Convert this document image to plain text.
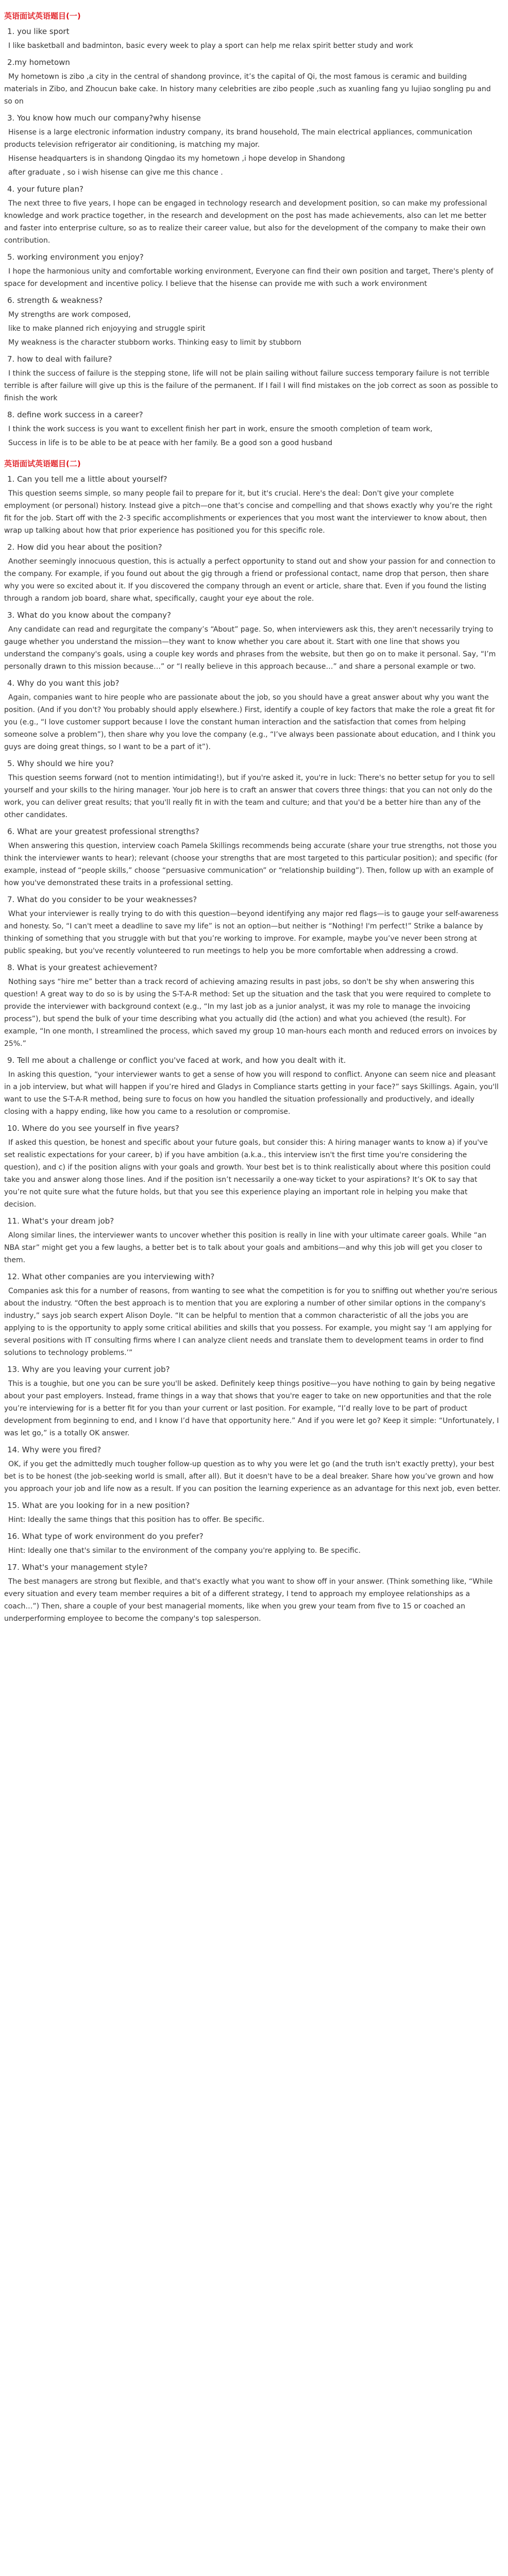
英语面试英语题目(一)
1. you like sport
I like basketball and badminton, basic every week to play a sport can help me relax spirit better study and work
2.my hometown
My hometown is zibo ,a city in the central of shandong province, it’s the capital of Qi, the most famous is ceramic and building materials in Zibo, and Zhoucun bake cake. In history many celebrities are zibo people ,such as xuanling fang yu lujiao songling pu and so on
3. You know how much our company?why hisense
Hisense is a large electronic information industry company, its brand household, The main electrical appliances, communication products television refrigerator air conditioning, is matching my major.
Hisense headquarters is in shandong Qingdao its my hometown ,i hope develop in Shandong
after graduate , so i wish hisense can give me this chance .
4. your future plan?
The next three to five years, I hope can be engaged in technology research and development position, so can make my professional knowledge and work practice together, in the research and development on the post has made achievements, also can let me better and faster into enterprise culture, so as to realize their career value, but also for the development of the company to make their own contribution.
5. working environment you enjoy?
I hope the harmonious unity and comfortable working environment, Everyone can find their own position and target, There's plenty of space for development and incentive policy. I believe that the hisense can provide me with such a work environment
6. strength & weakness?
My strengths are work composed,
like to make planned rich enjoyying and struggle spirit
My weakness is the character stubborn works. Thinking easy to limit by stubborn
7. how to deal with failure?
I think the success of failure is the stepping stone, life will not be plain sailing without failure success temporary failure is not terrible terrible is after failure will give up this is the failure of the permanent. If I fail I will find mistakes on the job correct as soon as possible to finish the work
8. define work success in a career?
I think the work success is you want to excellent finish her part in work, ensure the smooth completion of team work,
Success in life is to be able to be at peace with her family. Be a good son a good husband
英语面试英语题目(二)
1. Can you tell me a little about yourself?
This question seems simple, so many people fail to prepare for it, but it's crucial. Here's the deal: Don't give your complete employment (or personal) history. Instead give a pitch—one that’s concise and compelling and that shows exactly why you’re the right fit for the job. Start off with the 2-3 specific accomplishments or experiences that you most want the interviewer to know about, then wrap up talking about how that prior experience has positioned you for this specific role.
2. How did you hear about the position?
Another seemingly innocuous question, this is actually a perfect opportunity to stand out and show your passion for and connection to the company. For example, if you found out about the gig through a friend or professional contact, name drop that person, then share why you were so excited about it. If you discovered the company through an event or article, share that. Even if you found the listing through a random job board, share what, specifically, caught your eye about the role.
3. What do you know about the company?
Any candidate can read and regurgitate the company’s “About” page. So, when interviewers ask this, they aren't necessarily trying to gauge whether you understand the mission—they want to know whether you care about it. Start with one line that shows you understand the company's goals, using a couple key words and phrases from the website, but then go on to make it personal. Say, “I’m personally drawn to this mission because…” or “I really believe in this approach because…” and share a personal example or two.
4. Why do you want this job?
Again, companies want to hire people who are passionate about the job, so you should have a great answer about why you want the position. (And if you don't? You probably should apply elsewhere.) First, identify a couple of key factors that make the role a great fit for you (e.g., “I love customer support because I love the constant human interaction and the satisfaction that comes from helping someone solve a problem”), then share why you love the company (e.g., “I’ve always been passionate about education, and I think you guys are doing great things, so I want to be a part of it”).
5. Why should we hire you?
This question seems forward (not to mention intimidating!), but if you're asked it, you're in luck: There's no better setup for you to sell yourself and your skills to the hiring manager. Your job here is to craft an answer that covers three things: that you can not only do the work, you can deliver great results; that you'll really fit in with the team and culture; and that you'd be a better hire than any of the other candidates.
6. What are your greatest professional strengths?
When answering this question, interview coach Pamela Skillings recommends being accurate (share your true strengths, not those you think the interviewer wants to hear); relevant (choose your strengths that are most targeted to this particular position); and specific (for example, instead of “people skills,” choose “persuasive communication” or “relationship building”). Then, follow up with an example of how you've demonstrated these traits in a professional setting.
7. What do you consider to be your weaknesses?
What your interviewer is really trying to do with this question—beyond identifying any major red flags—is to gauge your self-awareness and honesty. So, “I can't meet a deadline to save my life” is not an option—but neither is “Nothing! I'm perfect!” Strike a balance by thinking of something that you struggle with but that you’re working to improve. For example, maybe you’ve never been strong at public speaking, but you've recently volunteered to run meetings to help you be more comfortable when addressing a crowd.
8. What is your greatest achievement?
Nothing says “hire me” better than a track record of achieving amazing results in past jobs, so don't be shy when answering this question! A great way to do so is by using the S-T-A-R method: Set up the situation and the task that you were required to complete to provide the interviewer with background context (e.g., “In my last job as a junior analyst, it was my role to manage the invoicing process”), but spend the bulk of your time describing what you actually did (the action) and what you achieved (the result). For example, “In one month, I streamlined the process, which saved my group 10 man-hours each month and reduced errors on invoices by 25%.”
9. Tell me about a challenge or conflict you've faced at work, and how you dealt with it.
In asking this question, “your interviewer wants to get a sense of how you will respond to conflict. Anyone can seem nice and pleasant in a job interview, but what will happen if you’re hired and Gladys in Compliance starts getting in your face?” says Skillings. Again, you'll want to use the S-T-A-R method, being sure to focus on how you handled the situation professionally and productively, and ideally closing with a happy ending, like how you came to a resolution or compromise.
10. Where do you see yourself in five years?
If asked this question, be honest and specific about your future goals, but consider this: A hiring manager wants to know a) if you've set realistic expectations for your career, b) if you have ambition (a.k.a., this interview isn't the first time you're considering the question), and c) if the position aligns with your goals and growth. Your best bet is to think realistically about where this position could take you and answer along those lines. And if the position isn’t necessarily a one-way ticket to your aspirations? It’s OK to say that you’re not quite sure what the future holds, but that you see this experience playing an important role in helping you make that decision.
11. What's your dream job?
Along similar lines, the interviewer wants to uncover whether this position is really in line with your ultimate career goals. While “an NBA star” might get you a few laughs, a better bet is to talk about your goals and ambitions—and why this job will get you closer to them.
12. What other companies are you interviewing with?
Companies ask this for a number of reasons, from wanting to see what the competition is for you to sniffing out whether you're serious about the industry. “Often the best approach is to mention that you are exploring a number of other similar options in the company's industry,” says job search expert Alison Doyle. “It can be helpful to mention that a common characteristic of all the jobs you are applying to is the opportunity to apply some critical abilities and skills that you possess. For example, you might say ‘I am applying for several positions with IT consulting firms where I can analyze client needs and translate them to development teams in order to find solutions to technology problems.’”
13. Why are you leaving your current job?
This is a toughie, but one you can be sure you'll be asked. Definitely keep things positive—you have nothing to gain by being negative about your past employers. Instead, frame things in a way that shows that you're eager to take on new opportunities and that the role you’re interviewing for is a better fit for you than your current or last position. For example, “I’d really love to be part of product development from beginning to end, and I know I’d have that opportunity here.” And if you were let go? Keep it simple: “Unfortunately, I was let go,” is a totally OK answer.
14. Why were you fired?
OK, if you get the admittedly much tougher follow-up question as to why you were let go (and the truth isn't exactly pretty), your best bet is to be honest (the job-seeking world is small, after all). But it doesn't have to be a deal breaker. Share how you’ve grown and how you approach your job and life now as a result. If you can position the learning experience as an advantage for this next job, even better.
15. What are you looking for in a new position?
Hint: Ideally the same things that this position has to offer. Be specific.
16. What type of work environment do you prefer?
Hint: Ideally one that's similar to the environment of the company you're applying to. Be specific.
17. What's your management style?
The best managers are strong but flexible, and that's exactly what you want to show off in your answer. (Think something like, “While every situation and every team member requires a bit of a different strategy, I tend to approach my employee relationships as a coach…”) Then, share a couple of your best managerial moments, like when you grew your team from five to 15 or coached an underperforming employee to become the company's top salesperson.
